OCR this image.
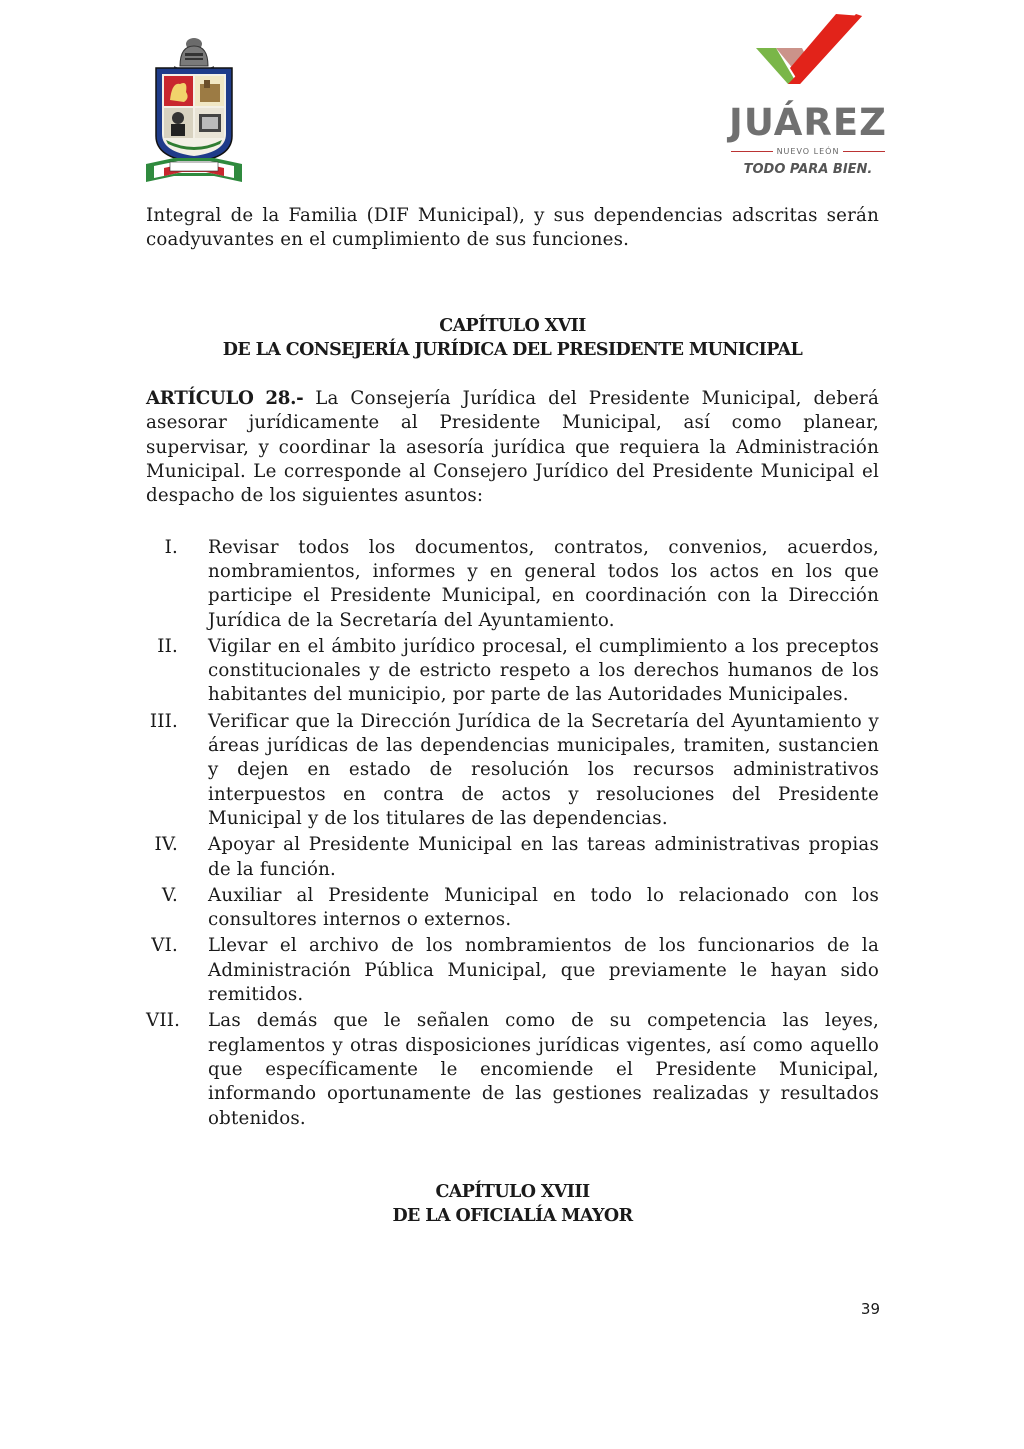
JUÁREZ
NUEVO LEÓN
TODO PARA BIEN.

Integral de la Familia (DIF Municipal), y sus dependencias adscritas serán coadyuvantes en el cumplimiento de sus funciones.

CAPÍTULO XVII
DE LA CONSEJERÍA JURÍDICA DEL PRESIDENTE MUNICIPAL

ARTÍCULO 28.- La Consejería Jurídica del Presidente Municipal, deberá asesorar jurídicamente al Presidente Municipal, así como planear, supervisar, y coordinar la asesoría jurídica que requiera la Administración Municipal. Le corresponde al Consejero Jurídico del Presidente Municipal el despacho de los siguientes asuntos:

I. Revisar todos los documentos, contratos, convenios, acuerdos, nombramientos, informes y en general todos los actos en los que participe el Presidente Municipal, en coordinación con la Dirección Jurídica de la Secretaría del Ayuntamiento.
II. Vigilar en el ámbito jurídico procesal, el cumplimiento a los preceptos constitucionales y de estricto respeto a los derechos humanos de los habitantes del municipio, por parte de las Autoridades Municipales.
III. Verificar que la Dirección Jurídica de la Secretaría del Ayuntamiento y áreas jurídicas de las dependencias municipales, tramiten, sustancien y dejen en estado de resolución los recursos administrativos interpuestos en contra de actos y resoluciones del Presidente Municipal y de los titulares de las dependencias.
IV. Apoyar al Presidente Municipal en las tareas administrativas propias de la función.
V. Auxiliar al Presidente Municipal en todo lo relacionado con los consultores internos o externos.
VI. Llevar el archivo de los nombramientos de los funcionarios de la Administración Pública Municipal, que previamente le hayan sido remitidos.
VII. Las demás que le señalen como de su competencia las leyes, reglamentos y otras disposiciones jurídicas vigentes, así como aquello que específicamente le encomiende el Presidente Municipal, informando oportunamente de las gestiones realizadas y resultados obtenidos.
CAPÍTULO XVIII
DE LA OFICIALÍA MAYOR
39
